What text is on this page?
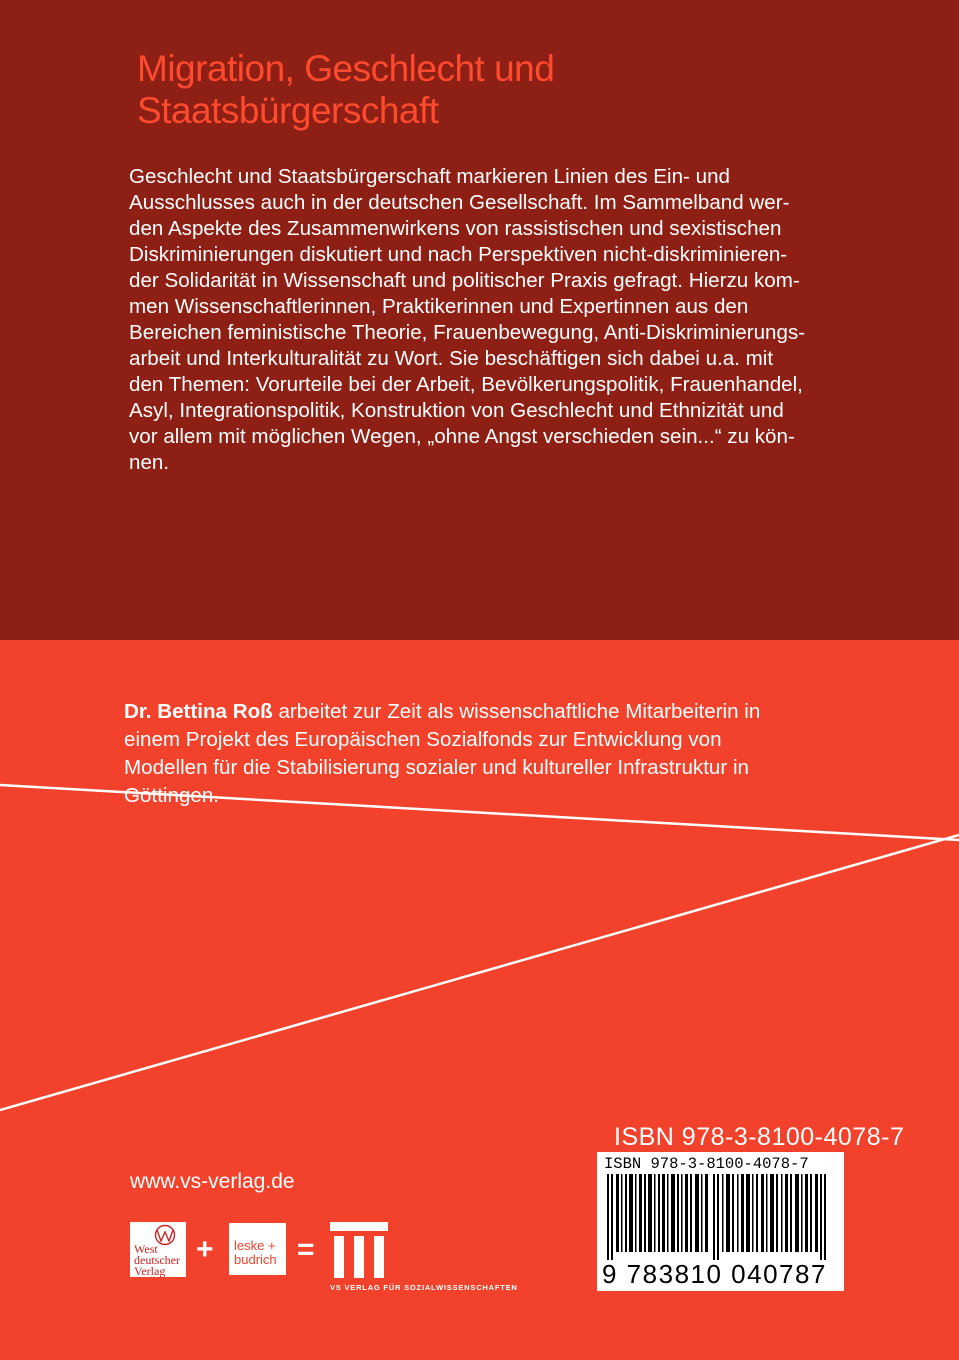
Migration, Geschlecht und
Staatsbürgerschaft

Geschlecht und Staatsbürgerschaft markieren Linien des Ein- und
Ausschlusses auch in der deutschen Gesellschaft. Im Sammelband wer-
den Aspekte des Zusammenwirkens von rassistischen und sexistischen
Diskriminierungen diskutiert und nach Perspektiven nicht-diskriminieren-
der Solidarität in Wissenschaft und politischer Praxis gefragt. Hierzu kom-
men Wissenschaftlerinnen, Praktikerinnen und Expertinnen aus den
Bereichen feministische Theorie, Frauenbewegung, Anti-Diskriminierungs-
arbeit und Interkulturalität zu Wort. Sie beschäftigen sich dabei u.a. mit
den Themen: Vorurteile bei der Arbeit, Bevölkerungspolitik, Frauenhandel,
Asyl, Integrationspolitik, Konstruktion von Geschlecht und Ethnizität und
vor allem mit möglichen Wegen, „ohne Angst verschieden sein...“ zu kön-
nen.

Dr. Bettina Roß arbeitet zur Zeit als wissenschaftliche Mitarbeiterin in
einem Projekt des Europäischen Sozialfonds zur Entwicklung von
Modellen für die Stabilisierung sozialer und kultureller Infrastruktur in
Göttingen.

www.vs-verlag.de
West
deutscher
Verlag
+ leske +
budrich =
VS VERLAG FÜR SOZIALWISSENSCHAFTEN
ISBN 978-3-8100-4078-7
ISBN 978-3-8100-4078-7
9 783810 040787
